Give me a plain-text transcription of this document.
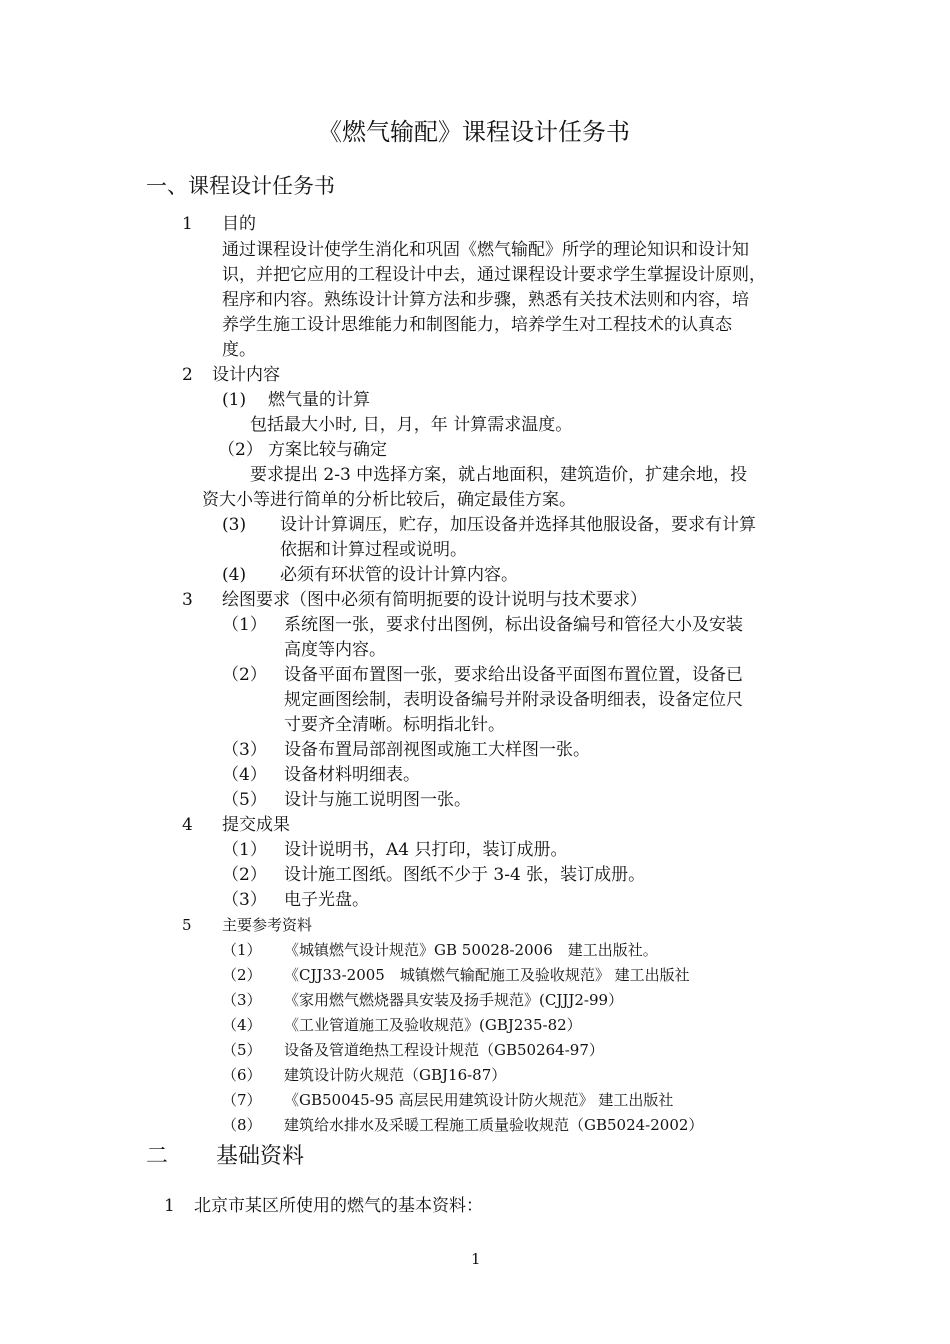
《燃气输配》课程设计任务书
一、课程设计任务书
1 目的
通过课程设计使学生消化和巩固《燃气输配》所学的理论知识和设计知
识，并把它应用的工程设计中去，通过课程设计要求学生掌握设计原则，
程序和内容。熟练设计计算方法和步骤，熟悉有关技术法则和内容，培
养学生施工设计思维能力和制图能力，培养学生对工程技术的认真态
度。
2 设计内容
(1) 燃气量的计算
包括最大小时, 日，月，年 计算需求温度。
（2） 方案比较与确定
要求提出 2-3 中选择方案，就占地面积，建筑造价，扩建余地，投
资大小等进行简单的分析比较后，确定最佳方案。
(3) 设计计算调压，贮存，加压设备并选择其他服设备，要求有计算
依据和计算过程或说明。
(4) 必须有环状管的设计计算内容。
3 绘图要求（图中必须有简明扼要的设计说明与技术要求）
（1） 系统图一张，要求付出图例，标出设备编号和管径大小及安装
高度等内容。
（2） 设备平面布置图一张，要求给出设备平面图布置位置，设备已
规定画图绘制，表明设备编号并附录设备明细表，设备定位尺
寸要齐全清晰。标明指北针。
（3） 设备布置局部剖视图或施工大样图一张。
（4） 设备材料明细表。
（5） 设计与施工说明图一张。
4 提交成果
（1） 设计说明书，A4 只打印，装订成册。
（2） 设计施工图纸。图纸不少于 3-4 张，装订成册。
（3） 电子光盘。
5 主要参考资料
（1） 《城镇燃气设计规范》GB 50028-2006　建工出版社。
（2） 《CJJ33-2005　城镇燃气输配施工及验收规范》 建工出版社
（3） 《家用燃气燃烧器具安装及扬手规范》(CJJJ2-99）
（4） 《工业管道施工及验收规范》(GBJ235-82）
（5） 设备及管道绝热工程设计规范（GB50264-97）
（6） 建筑设计防火规范（GBJ16-87）
（7） 《GB50045-95 高层民用建筑设计防火规范》 建工出版社
（8） 建筑给水排水及采暖工程施工质量验收规范（GB5024-2002）
二 基础资料
1 北京市某区所使用的燃气的基本资料：
1
